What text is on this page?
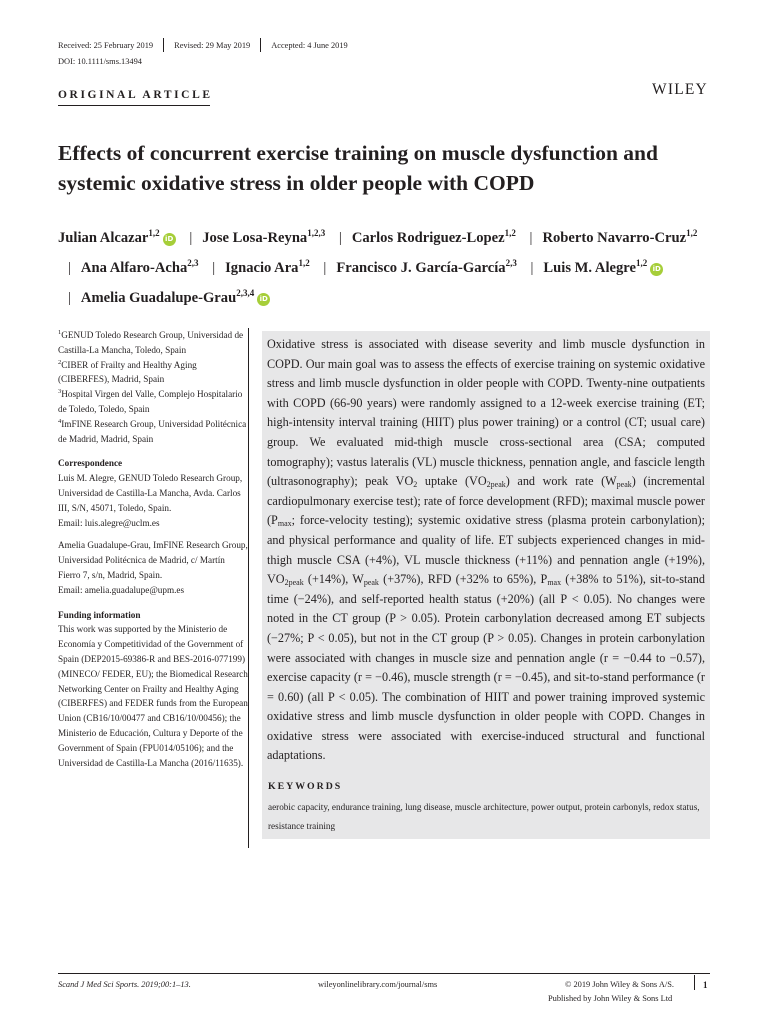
Received: 25 February 2019	Revised: 29 May 2019	Accepted: 4 June 2019
DOI: 10.1111/sms.13494
ORIGINAL ARTICLE	WILEY
Effects of concurrent exercise training on muscle dysfunction and systemic oxidative stress in older people with COPD
Julian Alcazar$^{1,2}$iD | Jose Losa-Reyna$^{1,2,3}$ | Carlos Rodriguez-Lopez$^{1,2}$ | Roberto Navarro-Cruz$^{1,2}$ | Ana Alfaro-Acha$^{2,3}$ | Ignacio Ara$^{1,2}$ | Francisco J. García-García$^{2,3}$ | Luis M. Alegre$^{1,2}$iD | Amelia Guadalupe-Grau$^{2,3,4}$iD

$^1$GENUD Toledo Research Group, Universidad de Castilla-La Mancha, Toledo, Spain

$^2$CIBER of Frailty and Healthy Aging (CIBERFES), Madrid, Spain

$^3$Hospital Virgen del Valle, Complejo Hospitalario de Toledo, Toledo, Spain

$^4$ImFINE Research Group, Universidad Politécnica de Madrid, Madrid, Spain

Correspondence

Luis M. Alegre, GENUD Toledo Research Group, Universidad de Castilla-La Mancha, Avda. Carlos III, S/N, 45071, Toledo, Spain.

Email: luis.alegre@uclm.es

Amelia Guadalupe-Grau, ImFINE Research Group, Universidad Politécnica de Madrid, c/ Martín Fierro 7, s/n, Madrid, Spain.

Email: amelia.guadalupe@upm.es

Funding information

This work was supported by the Ministerio de Economía y Competitividad of the Government of Spain (DEP2015-69386-R and BES-2016-077199) (MINECO/ FEDER, EU); the Biomedical Research Networking Center on Frailty and Healthy Aging (CIBERFES) and FEDER funds from the European Union (CB16/10/00477 and CB16/10/00456); the Ministerio de Educación, Cultura y Deporte of the Government of Spain (FPU014/05106); and the Universidad de Castilla-La Mancha (2016/11635).

Oxidative stress is associated with disease severity and limb muscle dysfunction in COPD. Our main goal was to assess the effects of exercise training on systemic oxidative stress and limb muscle dysfunction in older people with COPD. Twenty-nine outpatients with COPD (66-90 years) were randomly assigned to a 12-week exercise training (ET; high-intensity interval training (HIIT) plus power training) or a control (CT; usual care) group. We evaluated mid-thigh muscle cross-sectional area (CSA; computed tomography); vastus lateralis (VL) muscle thickness, pennation angle, and fascicle length (ultrasonography); peak $VO_2$ uptake $(VO_{2peak})$ and work rate $(W_{peak})$ (incremental cardiopulmonary exercise test); rate of force development (RFD); maximal muscle power ($P_{max}$; force-velocity testing); systemic oxidative stress (plasma protein carbonylation); and physical performance and quality of life. ET subjects experienced changes in mid-thigh muscle CSA (+4%), VL muscle thickness (+11%) and pennation angle (+19%), $VO_{2peak}$ (+14%), $W_{peak}$ (+37%), RFD (+32% to 65%), $P_{max}$ (+38% to 51%), sit-to-stand time (−24%), and self-reported health status (+20%) (all P < 0.05). No changes were noted in the CT group (P > 0.05). Protein carbonylation decreased among ET subjects (−27%; P < 0.05), but not in the CT group (P > 0.05). Changes in protein carbonylation were associated with changes in muscle size and pennation angle (r = −0.44 to −0.57), exercise capacity (r = −0.46), muscle strength (r = −0.45), and sit-to-stand performance (r = 0.60) (all P < 0.05). The combination of HIIT and power training improved systemic oxidative stress and limb muscle dysfunction in older people with COPD. Changes in oxidative stress were associated with exercise-induced structural and functional adaptations.
KEYWORDS
aerobic capacity, endurance training, lung disease, muscle architecture, power output, protein carbonyls, redox status, resistance training
Scand J Med Sci Sports. 2019;00:1–13.	wileyonlinelibrary.com/journal/sms	© 2019 John Wiley & Sons A/S.
Published by John Wiley & Sons Ltd
1
